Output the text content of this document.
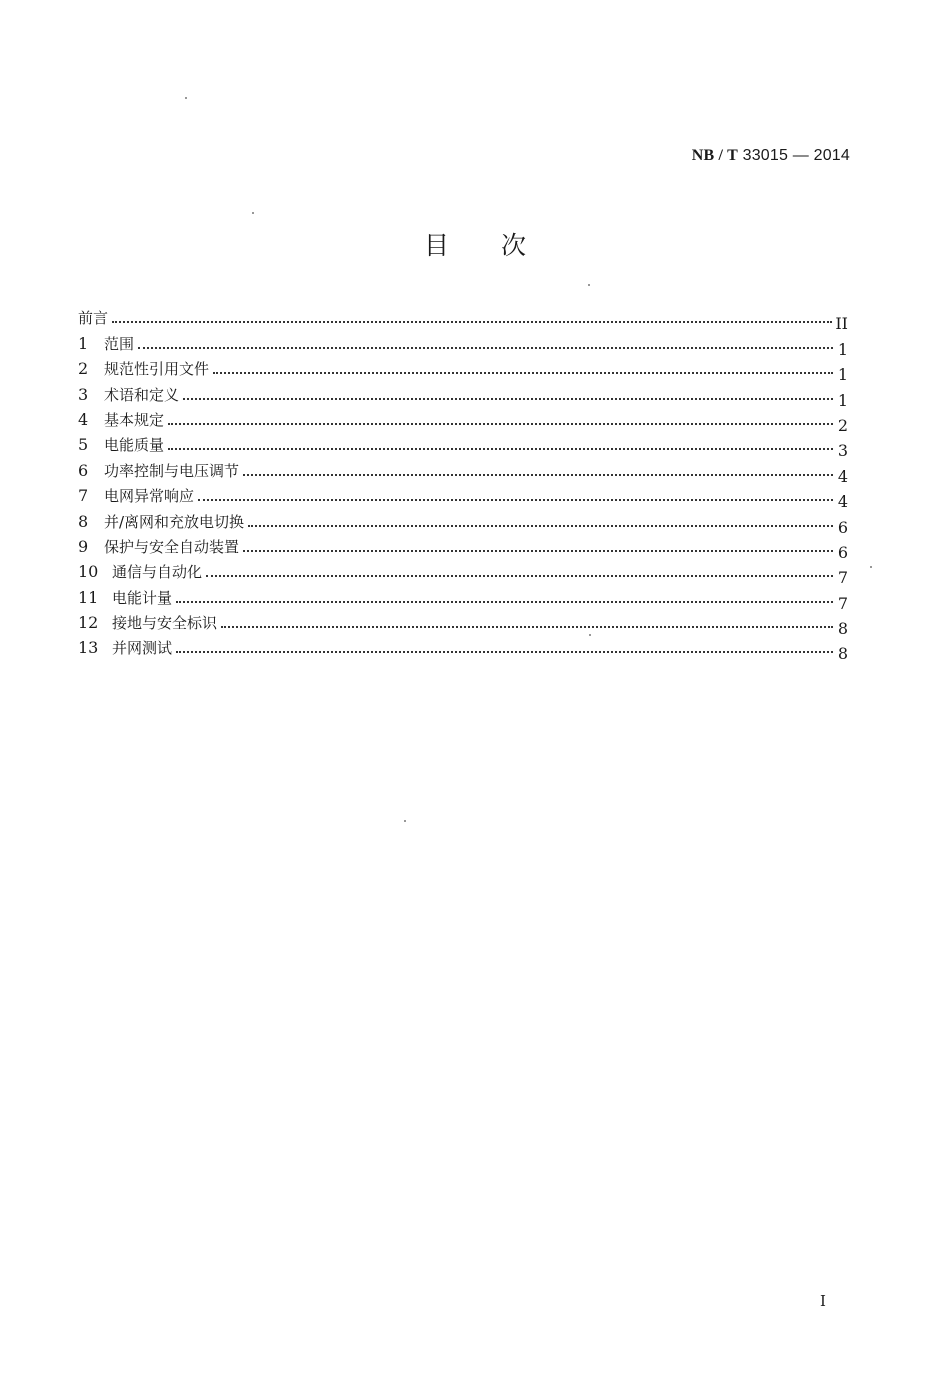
NB / T 33015 — 2014
目次
前言	II
1	范围	1
2	规范性引用文件	1
3	术语和定义	1
4	基本规定	2
5	电能质量	3
6	功率控制与电压调节	4
7	电网异常响应	4
8	并/离网和充放电切换	6
9	保护与安全自动装置	6
10 通信与自动化	7
11 电能计量	7
12 接地与安全标识	8
13 并网测试	8
I
